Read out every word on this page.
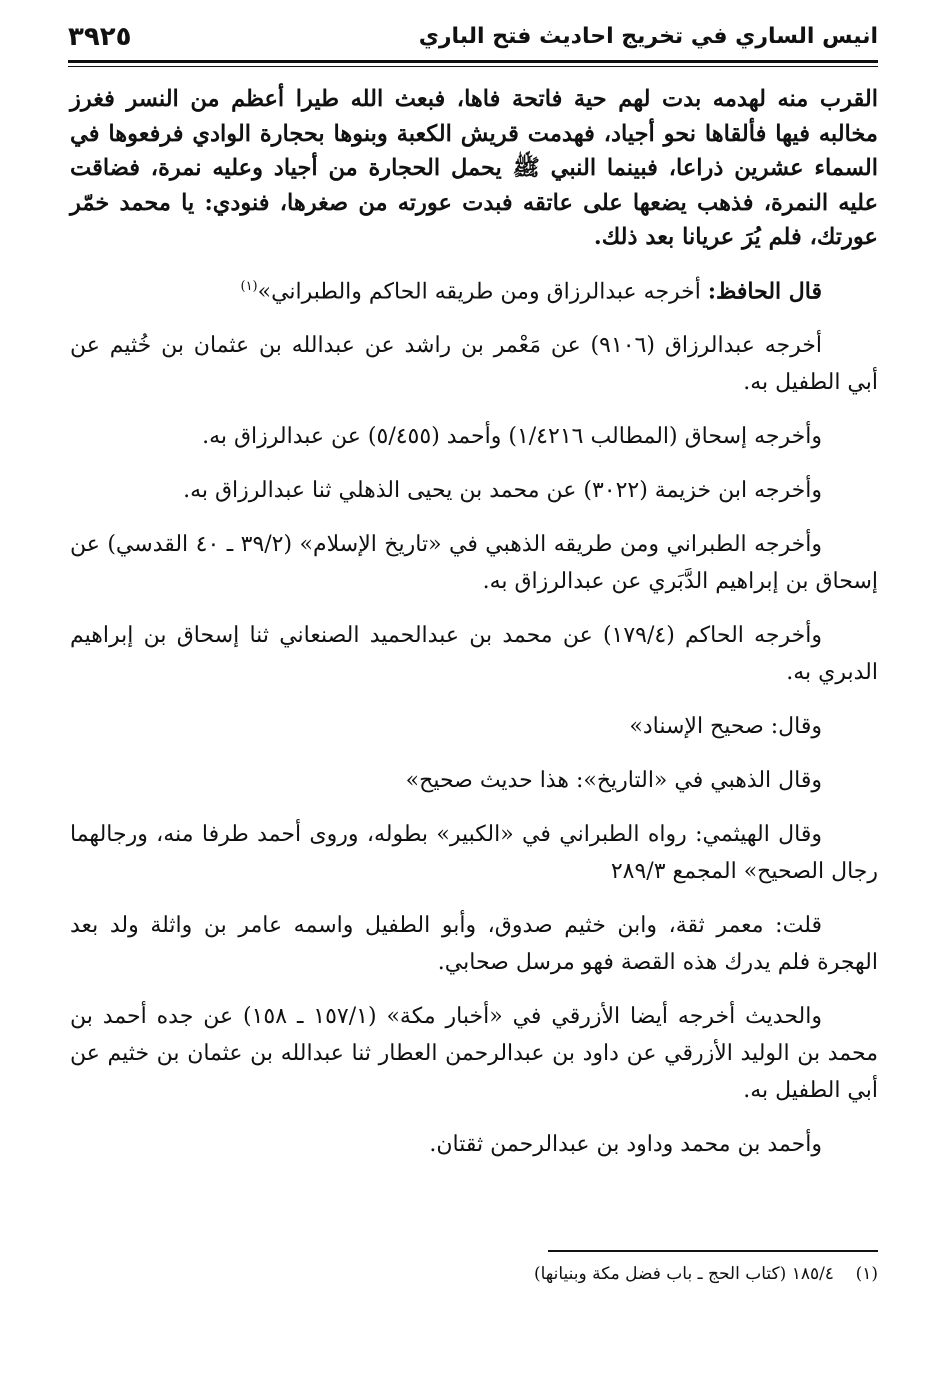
انيس الساري في تخريج احاديث فتح الباري
٣٩٢٥

القرب منه لهدمه بدت لهم حية فاتحة فاها، فبعث الله طيرا أعظم من النسر فغرز مخالبه فيها فألقاها نحو أجياد، فهدمت قريش الكعبة وبنوها بحجارة الوادي فرفعوها في السماء عشرين ذراعا، فبينما النبي ﷺ يحمل الحجارة من أجياد وعليه نمرة، فضاقت عليه النمرة، فذهب يضعها على عاتقه فبدت عورته من صغرها، فنودي: يا محمد خمّر عورتك، فلم يُرَ عريانا بعد ذلك.

قال الحافظ: أخرجه عبدالرزاق ومن طريقه الحاكم والطبراني»$^{(١)}$

أخرجه عبدالرزاق (٩١٠٦) عن مَعْمر بن راشد عن عبدالله بن عثمان بن خُثيم عن أبي الطفيل به.

وأخرجه إسحاق (المطالب ١/٤٢١٦) وأحمد (٥/٤٥٥) عن عبدالرزاق به.

وأخرجه ابن خزيمة (٣٠٢٢) عن محمد بن يحيى الذهلي ثنا عبدالرزاق به.

وأخرجه الطبراني ومن طريقه الذهبي في «تاريخ الإسلام» (٣٩/٢ ـ ٤٠ القدسي) عن إسحاق بن إبراهيم الدَّبَري عن عبدالرزاق به.

وأخرجه الحاكم (١٧٩/٤) عن محمد بن عبدالحميد الصنعاني ثنا إسحاق بن إبراهيم الدبري به.

وقال: صحيح الإسناد»

وقال الذهبي في «التاريخ»: هذا حديث صحيح»

وقال الهيثمي: رواه الطبراني في «الكبير» بطوله، وروى أحمد طرفا منه، ورجالهما رجال الصحيح» المجمع ٢٨٩/٣

قلت: معمر ثقة، وابن خثيم صدوق، وأبو الطفيل واسمه عامر بن واثلة ولد بعد الهجرة فلم يدرك هذه القصة فهو مرسل صحابي.

والحديث أخرجه أيضا الأزرقي في «أخبار مكة» (١٥٧/١ ـ ١٥٨) عن جده أحمد بن محمد بن الوليد الأزرقي عن داود بن عبدالرحمن العطار ثنا عبدالله بن عثمان بن خثيم عن أبي الطفيل به.

وأحمد بن محمد وداود بن عبدالرحمن ثقتان.

(١)    ١٨٥/٤ (كتاب الحج ـ باب فضل مكة وبنيانها)
